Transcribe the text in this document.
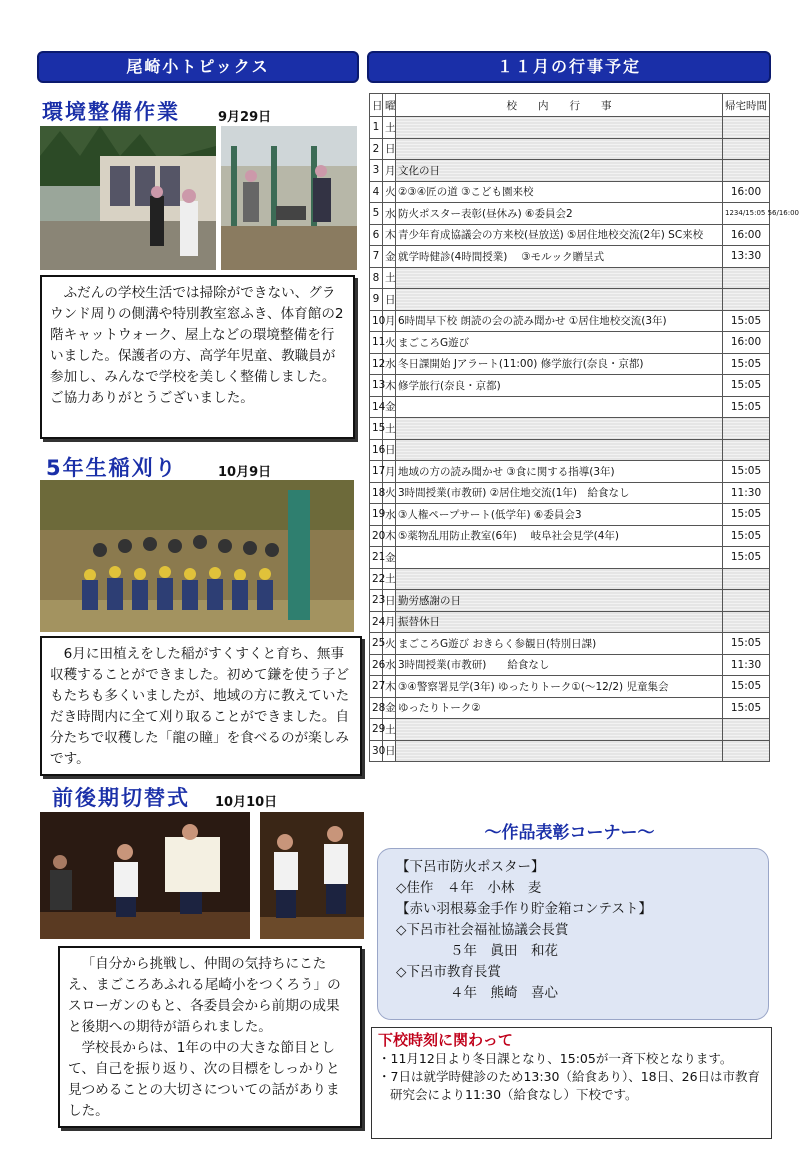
尾崎小トピックス
環境整備作業	9月29日

ふだんの学校生活では掃除ができない、グラウンド周りの側溝や特別教室窓ふき、体育館の2階キャットウォーク、屋上などの環境整備を行いました。保護者の方、高学年児童、教職員が参加し、みんなで学校を美しく整備しました。ご協力ありがとうございました。

5年生稲刈り	10月9日

6月に田植えをした稲がすくすくと育ち、無事収穫することができました。初めて鎌を使う子どもたちも多くいましたが、地域の方に教えていただき時間内に全て刈り取ることができました。自分たちで収穫した「龍の瞳」を食べるのが楽しみです。

前後期切替式 10月10日

「自分から挑戦し、仲間の気持ちにこたえ、まごころあふれる尾崎小をつくろう」のスローガンのもと、各委員会から前期の成果と後期への期待が語られました。

学校長からは、1年の中の大きな節目として、自己を振り返り、次の目標をしっかりと見つめることの大切さについての話がありました。

１１月の行事予定
日	曜	校　　内　　行　　事	帰宅時間
1	土		
2	日		
3	月	文化の日	
4	火	②③④匠の道 ③こども園来校	16:00
5	水	防火ポスター表彰(昼休み) ⑥委員会2	1234/15:05 56/16:00
6	木	青少年育成協議会の方来校(昼放送) ⑤居住地校交流(2年) SC来校	16:00
7	金	就学時健診(4時間授業)　 ③モルック贈呈式	13:30
8	土		
9	日		
10	月	6時間早下校 朗読の会の読み聞かせ ①居住地校交流(3年)	15:05
11	火	まごころG遊び	16:00
12	水	冬日課開始 Jアラート(11:00) 修学旅行(奈良・京都)	15:05
13	木	修学旅行(奈良・京都)	15:05
14	金		15:05
15	土		
16	日		
17	月	地域の方の読み聞かせ ③食に関する指導(3年)	15:05
18	火	3時間授業(市教研) ②居住地交流(1年)　給食なし	11:30
19	水	③人権ペープサート(低学年) ⑥委員会3	15:05
20	木	⑤薬物乱用防止教室(6年)　 岐阜社会見学(4年)	15:05
21	金		15:05
22	土		
23	日	勤労感謝の日	
24	月	振替休日	
25	火	まごころG遊び おきらく参観日(特別日課)	15:05
26	水	3時間授業(市教研)　　給食なし	11:30
27	木	③④警察署見学(3年) ゆったりトーク①(～12/2) 児童集会	15:05
28	金	ゆったりトーク②	15:05
29	土		
30	日		
～作品表彰コーナー～
【下呂市防火ポスター】
◇佳作　４年　小林　麦
【赤い羽根募金手作り貯金箱コンテスト】
◇下呂市社会福祉協議会長賞
　　　　５年　眞田　和花
◇下呂市教育長賞
　　　　４年　熊崎　喜心
下校時刻に関わって
・11月12日より冬日課となり、15:05が一斉下校となります。
・7日は就学時健診のため13:30（給食あり）、18日、26日は市教育研究会により11:30（給食なし）下校です。
